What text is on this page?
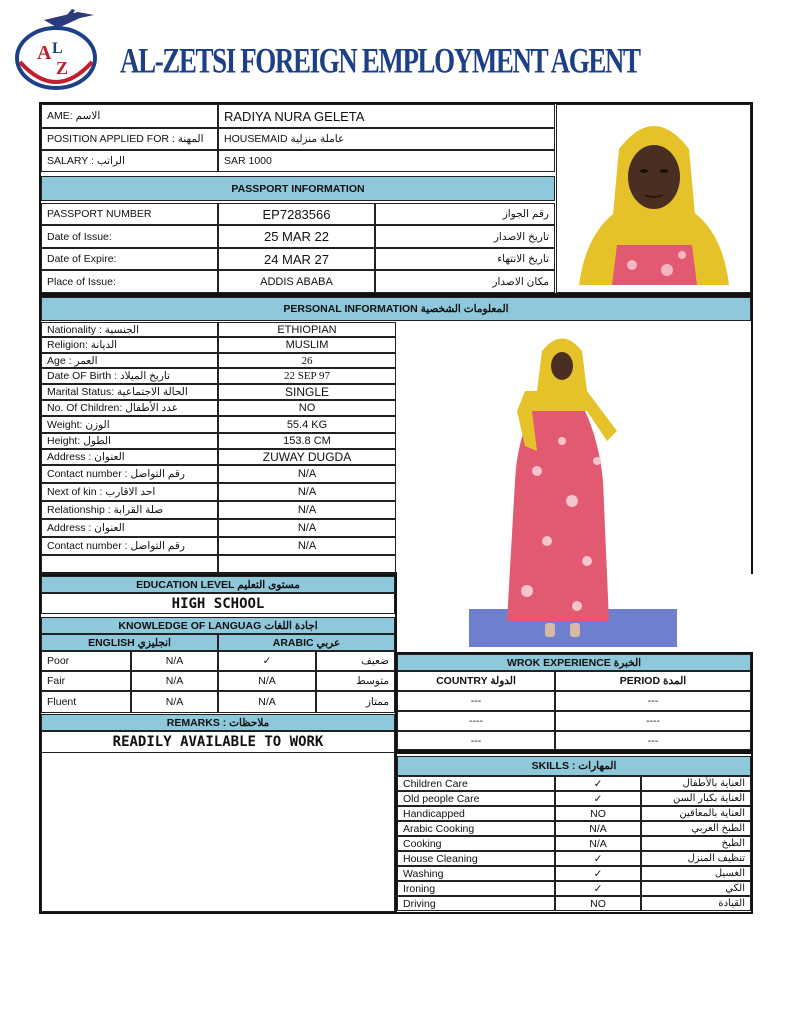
A L
Z AL-ZETSI FOREIGN EMPLOYMENT AGENT
AME: الاسم	RADIYA NURA GELETA
POSITION APPLIED FOR : المهنة	HOUSEMAID عاملة منزلية
SALARY : الراتب	SAR 1000
PASSPORT INFORMATION
PASSPORT NUMBER	EP7283566	رقم الجواز
Date of Issue:	25 MAR 22	تاريخ الاصدار
Date of Expire:	24 MAR 27	تاريخ الانتهاء
Place of Issue:	ADDIS ABABA	مكان الاصدار
PERSONAL INFORMATION المعلومات الشخصية
Nationality : الجنسية	ETHIOPIAN
Religion: الديانة	MUSLIM
Age : العمر	26
Date OF Birth : تاريخ الميلاد	22 SEP 97
Marital Status: الحالة الاجتماعية	SINGLE
No. Of Children: عدد الأطفال	NO
Weight: الوزن	55.4 KG
Height: الطول	153.8 CM
Address : العنوان	ZUWAY DUGDA
Contact number : رقم التواصل	N/A
Next of kin : احد الاقارب	N/A
Relationship : صلة القرابة	N/A
Address : العنوان	N/A
Contact number : رقم التواصل	N/A
EDUCATION LEVEL مستوى التعليم
HIGH SCHOOL
KNOWLEDGE OF LANGUAG اجادة اللغات
ENGLISH انجليزي	ARABIC عربي
Poor	N/A	✓	ضعيف
Fair	N/A	N/A	متوسط
Fluent	N/A	N/A	ممتاز
REMARKS : ملاحظات
READILY AVAILABLE TO WORK
WROK EXPERIENCE الخبرة
COUNTRY الدولة	PERIOD المدة
---	---
----	----
---	---
SKILLS : المهارات
Children Care	✓	العناية بالأطفال
Old people Care	✓	العناية بكبار السن
Handicapped	NO	العناية بالمعاقين
Arabic Cooking	N/A	الطبخ العربي
Cooking	N/A	الطبخ
House Cleaning	✓	تنظيف المنزل
Washing	✓	الغسيل
Ironing	✓	الكي
Driving	NO	القيادة
